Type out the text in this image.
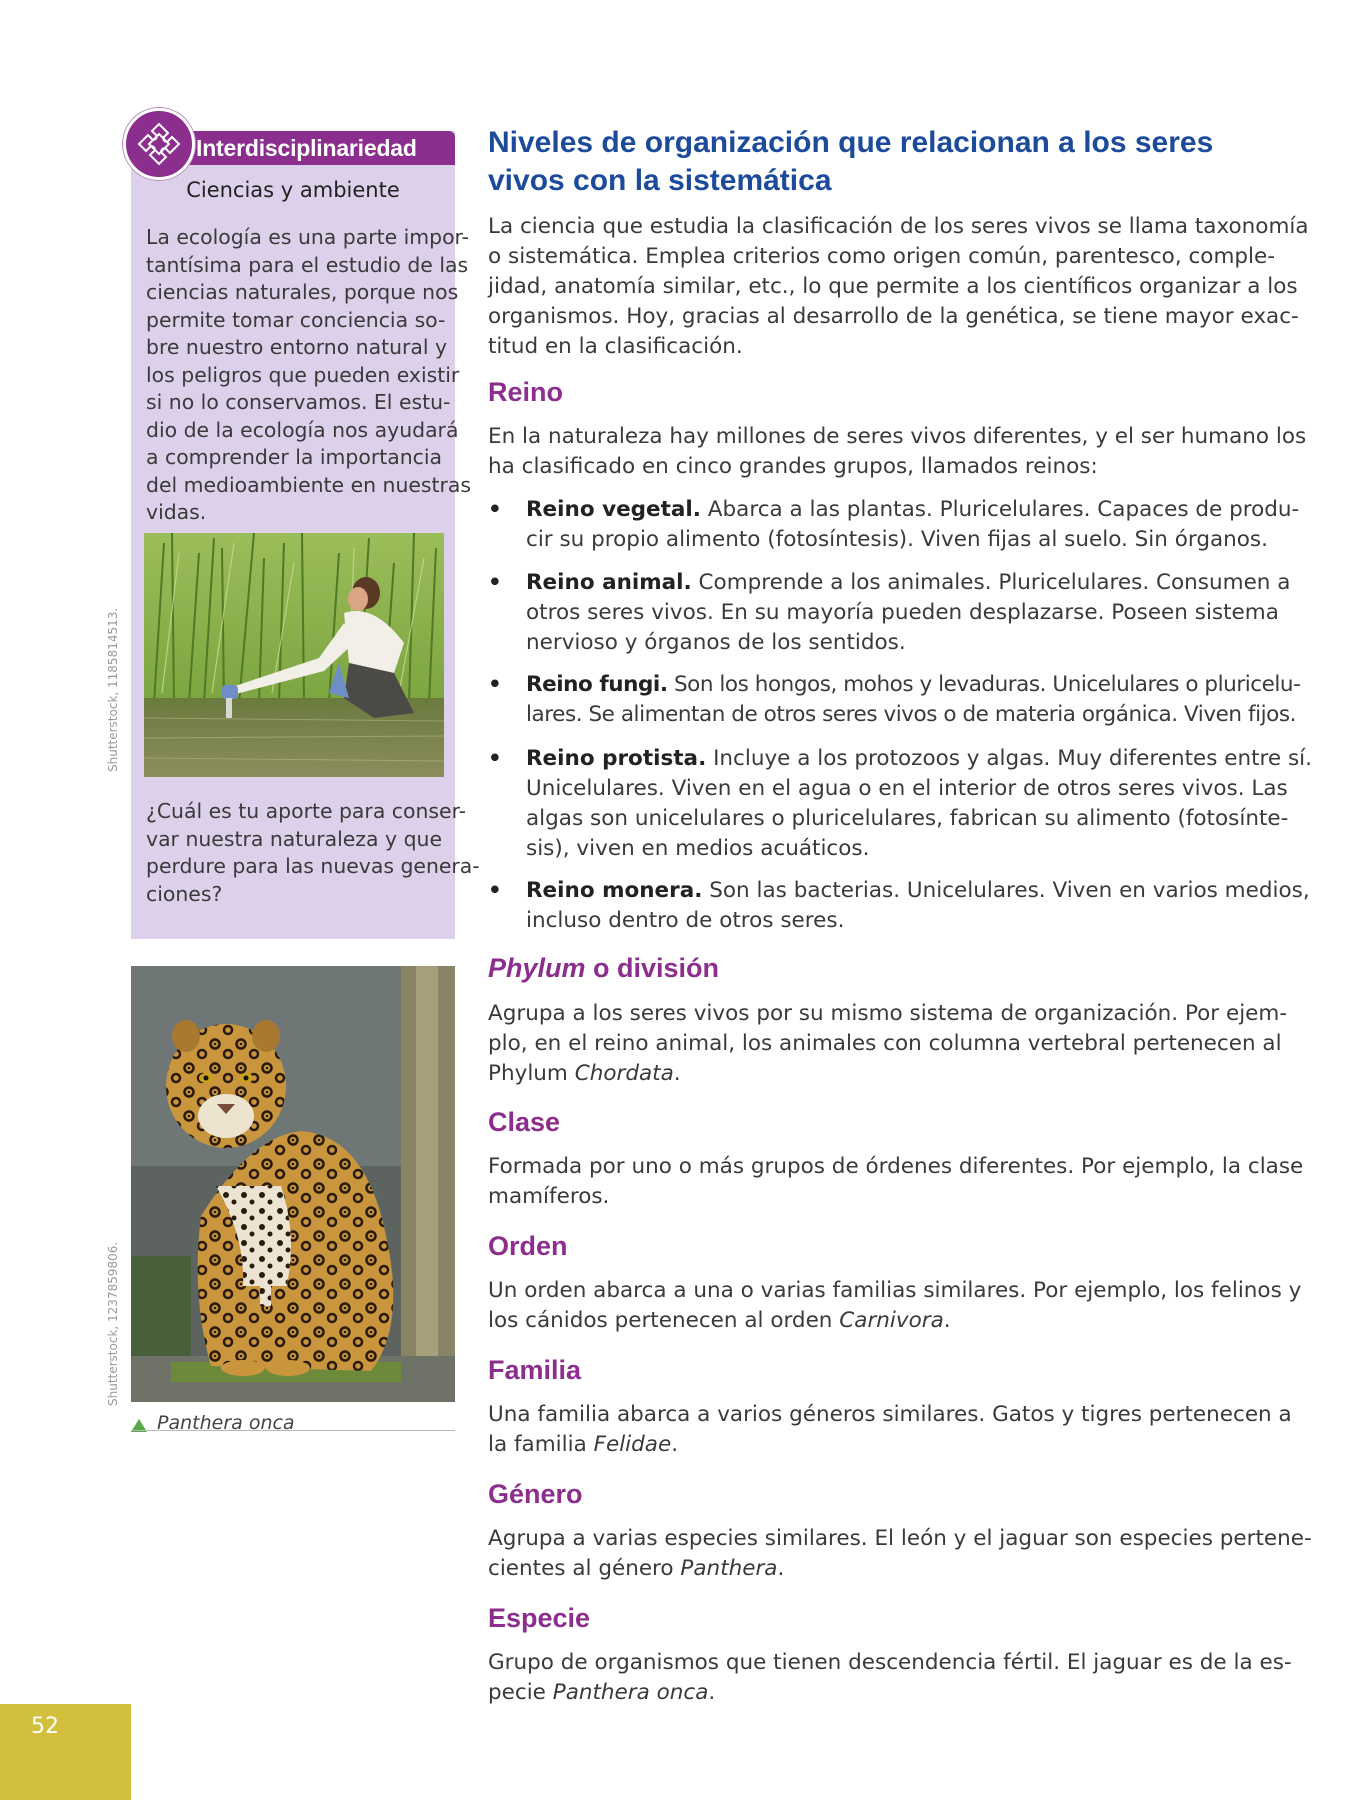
Interdisciplinariedad
Ciencias y ambiente
La ecología es una parte impor-
tantísima para el estudio de las
ciencias naturales, porque nos
permite tomar conciencia so-
bre nuestro entorno natural y
los peligros que pueden existir
si no lo conservamos. El estu-
dio de la ecología nos ayudará
a comprender la importancia
del medioambiente en nuestras
vidas.
Shutterstock, 1185814513.
¿Cuál es tu aporte para conser-
var nuestra naturaleza y que
perdure para las nuevas genera-
ciones?
Shutterstock, 1237859806.
Panthera onca
52
Niveles de organización que relacionan a los seres
vivos con la sistemática
La ciencia que estudia la clasificación de los seres vivos se llama taxonomía
o sistemática. Emplea criterios como origen común, parentesco, comple-
jidad, anatomía similar, etc., lo que permite a los científicos organizar a los
organismos. Hoy, gracias al desarrollo de la genética, se tiene mayor exac-
titud en la clasificación.
Reino
En la naturaleza hay millones de seres vivos diferentes, y el ser humano los
ha clasificado en cinco grandes grupos, llamados reinos:
• Reino vegetal. Abarca a las plantas. Pluricelulares. Capaces de produ-
cir su propio alimento (fotosíntesis). Viven fijas al suelo. Sin órganos.
• Reino animal. Comprende a los animales. Pluricelulares. Consumen a
otros seres vivos. En su mayoría pueden desplazarse. Poseen sistema
nervioso y órganos de los sentidos.
• Reino fungi. Son los hongos, mohos y levaduras. Unicelulares o pluricelu-
lares. Se alimentan de otros seres vivos o de materia orgánica. Viven fijos.
• Reino protista. Incluye a los protozoos y algas. Muy diferentes entre sí.
Unicelulares. Viven en el agua o en el interior de otros seres vivos. Las
algas son unicelulares o pluricelulares, fabrican su alimento (fotosínte-
sis), viven en medios acuáticos.
• Reino monera. Son las bacterias. Unicelulares. Viven en varios medios,
incluso dentro de otros seres.
Phylum o división
Agrupa a los seres vivos por su mismo sistema de organización. Por ejem-
plo, en el reino animal, los animales con columna vertebral pertenecen al
Phylum Chordata.
Clase
Formada por uno o más grupos de órdenes diferentes. Por ejemplo, la clase
mamíferos.
Orden
Un orden abarca a una o varias familias similares. Por ejemplo, los felinos y
los cánidos pertenecen al orden Carnivora.
Familia
Una familia abarca a varios géneros similares. Gatos y tigres pertenecen a
la familia Felidae.
Género
Agrupa a varias especies similares. El león y el jaguar son especies pertene-
cientes al género Panthera.
Especie
Grupo de organismos que tienen descendencia fértil. El jaguar es de la es-
pecie Panthera onca.
